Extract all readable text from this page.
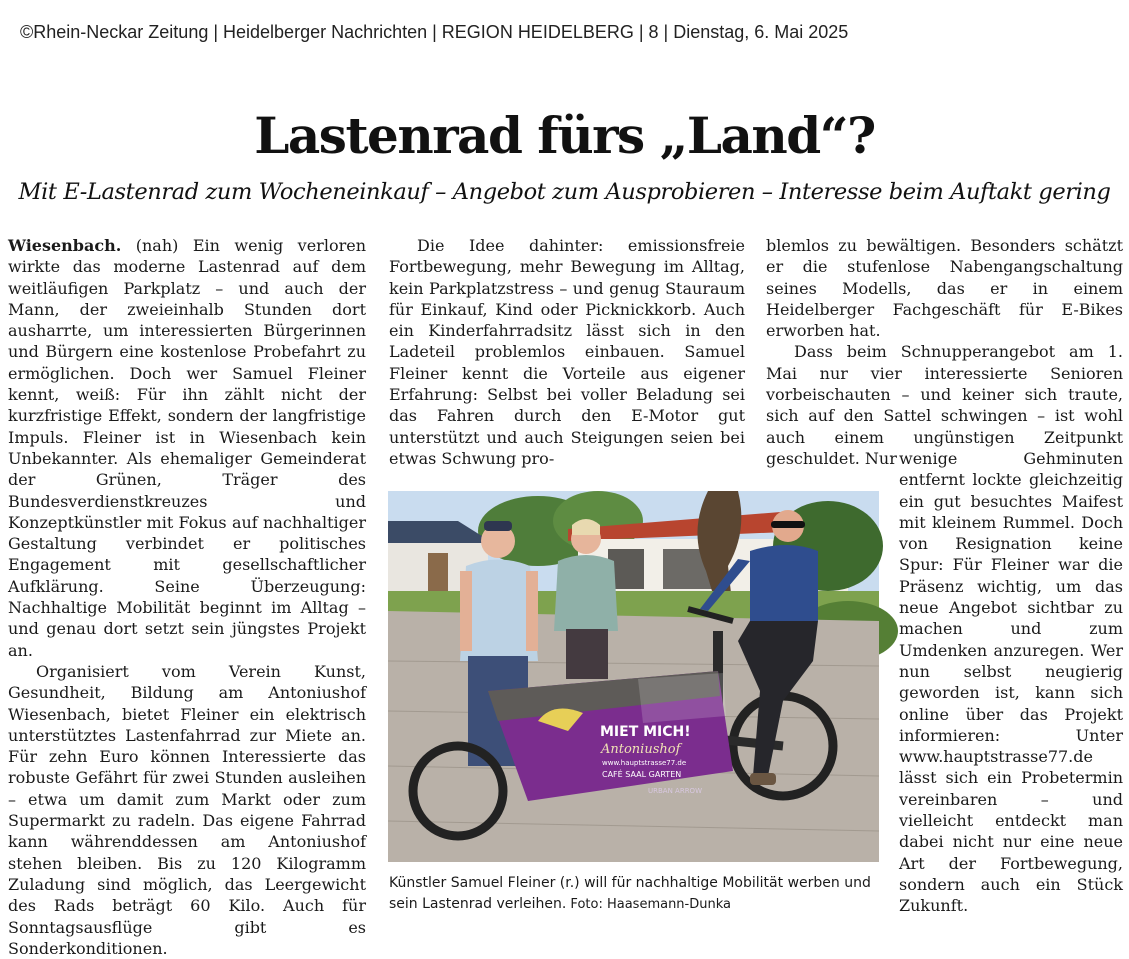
©Rhein-Neckar Zeitung | Heidelberger Nachrichten | REGION HEIDELBERG | 8 | Dienstag, 6. Mai 2025
Lastenrad fürs „Land“?
Mit E-Lastenrad zum Wocheneinkauf – Angebot zum Ausprobieren – Interesse beim Auftakt gering

Wiesenbach. (nah) Ein wenig verloren wirkte das moderne Lastenrad auf dem weitläufigen Parkplatz – und auch der Mann, der zweieinhalb Stunden dort ausharrte, um interessierten Bürgerinnen und Bürgern eine kostenlose Probefahrt zu ermöglichen. Doch wer Samuel Fleiner kennt, weiß: Für ihn zählt nicht der kurzfristige Effekt, sondern der langfristige Impuls. Fleiner ist in Wiesenbach kein Unbekannter. Als ehemaliger Gemeinderat der Grünen, Träger des Bundesverdienstkreuzes und Konzeptkünstler mit Fokus auf nachhaltiger Gestaltung verbindet er politisches Engagement mit gesellschaftlicher Aufklärung. Seine Überzeugung: Nachhaltige Mobilität beginnt im Alltag – und genau dort setzt sein jüngstes Projekt an.

Organisiert vom Verein Kunst, Gesundheit, Bildung am Antoniushof Wiesenbach, bietet Fleiner ein elektrisch unterstütztes Lastenfahrrad zur Miete an. Für zehn Euro können Interessierte das robuste Gefährt für zwei Stunden ausleihen – etwa um damit zum Markt oder zum Supermarkt zu radeln. Das eigene Fahrrad kann währenddessen am Antoniushof stehen bleiben. Bis zu 120 Kilogramm Zuladung sind möglich, das Leergewicht des Rads beträgt 60 Kilo. Auch für Sonntagsausflüge gibt es Sonderkonditionen.

Die Idee dahinter: emissionsfreie Fortbewegung, mehr Bewegung im Alltag, kein Parkplatzstress – und genug Stauraum für Einkauf, Kind oder Picknickkorb. Auch ein Kinderfahrradsitz lässt sich in den Ladeteil problemlos einbauen. Samuel Fleiner kennt die Vorteile aus eigener Erfahrung: Selbst bei voller Beladung sei das Fahren durch den E-Motor gut unterstützt und auch Steigungen seien bei etwas Schwung pro-

blemlos zu bewältigen. Besonders schätzt er die stufenlose Nabengangschaltung seines Modells, das er in einem Heidelberger Fachgeschäft für E-Bikes erworben hat.

Dass beim Schnupperangebot am 1. Mai nur vier interessierte Senioren vorbeischauten – und keiner sich traute, sich auf den Sattel schwingen – ist wohl auch einem ungünstigen Zeitpunkt geschuldet. Nur wenige Gehminuten entfernt lockte gleichzeitig ein gut besuchtes Maifest mit kleinem Rummel. Doch von Resignation keine Spur: Für Fleiner war die Präsenz wichtig, um das neue Angebot sichtbar zu machen und zum Umdenken anzuregen. Wer nun selbst neugierig geworden ist, kann sich online über das Projekt informieren: Unter www.hauptstrasse77.de lässt sich ein Probetermin vereinbaren – und vielleicht entdeckt man dabei nicht nur eine neue Art der Fortbewegung, sondern auch ein Stück Zukunft.

MIET MICH!
Antoniushof
www.hauptstrasse77.de
CAFÉ SAAL GARTEN
URBAN ARROW
Künstler Samuel Fleiner (r.) will für nachhaltige Mobilität werben und sein Lastenrad verleihen. Foto: Haasemann-Dunka
